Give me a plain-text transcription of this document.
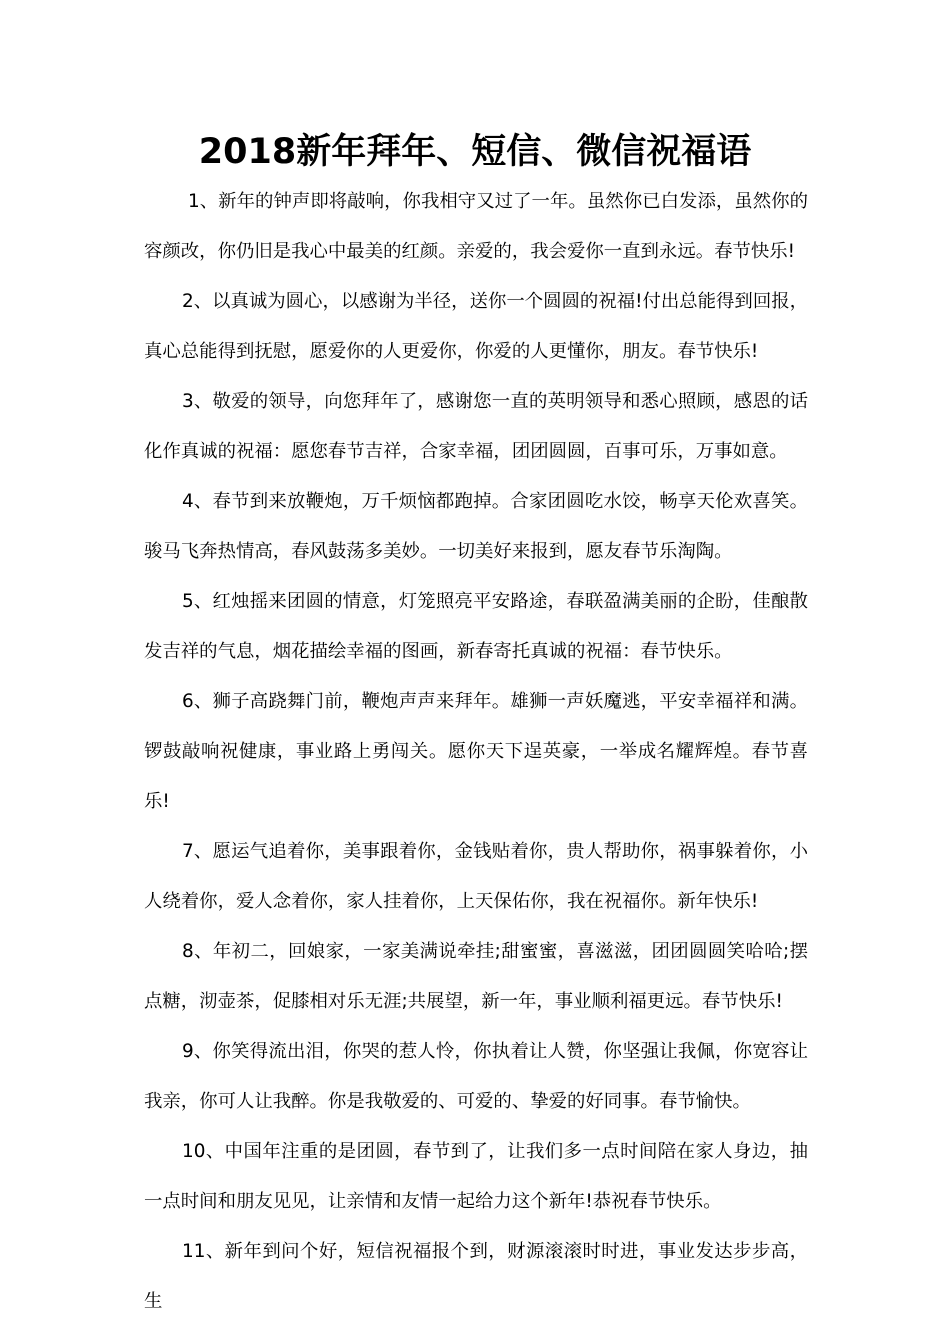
2018新年拜年、短信、微信祝福语

1、新年的钟声即将敲响，你我相守又过了一年。虽然你已白发添，虽然你的容颜改，你仍旧是我心中最美的红颜。亲爱的，我会爱你一直到永远。春节快乐!

2、以真诚为圆心，以感谢为半径，送你一个圆圆的祝福!付出总能得到回报，真心总能得到抚慰，愿爱你的人更爱你，你爱的人更懂你，朋友。春节快乐!

3、敬爱的领导，向您拜年了，感谢您一直的英明领导和悉心照顾，感恩的话化作真诚的祝福：愿您春节吉祥，合家幸福，团团圆圆，百事可乐，万事如意。

4、春节到来放鞭炮，万千烦恼都跑掉。合家团圆吃水饺，畅享天伦欢喜笑。骏马飞奔热情高，春风鼓荡多美妙。一切美好来报到，愿友春节乐淘陶。

5、红烛摇来团圆的情意，灯笼照亮平安路途，春联盈满美丽的企盼，佳酿散发吉祥的气息，烟花描绘幸福的图画，新春寄托真诚的祝福：春节快乐。

6、狮子高跷舞门前，鞭炮声声来拜年。雄狮一声妖魔逃，平安幸福祥和满。锣鼓敲响祝健康，事业路上勇闯关。愿你天下逞英豪，一举成名耀辉煌。春节喜乐!

7、愿运气追着你，美事跟着你，金钱贴着你，贵人帮助你，祸事躲着你，小人绕着你，爱人念着你，家人挂着你，上天保佑你，我在祝福你。新年快乐!

8、年初二，回娘家，一家美满说牵挂;甜蜜蜜，喜滋滋，团团圆圆笑哈哈;摆点糖，沏壶茶，促膝相对乐无涯;共展望，新一年，事业顺利福更远。春节快乐!

9、你笑得流出泪，你哭的惹人怜，你执着让人赞，你坚强让我佩，你宽容让我亲，你可人让我醉。你是我敬爱的、可爱的、挚爱的好同事。春节愉快。

10、中国年注重的是团圆，春节到了，让我们多一点时间陪在家人身边，抽一点时间和朋友见见，让亲情和友情一起给力这个新年!恭祝春节快乐。

11、新年到问个好，短信祝福报个到，财源滚滚时时进，事业发达步步高，生
